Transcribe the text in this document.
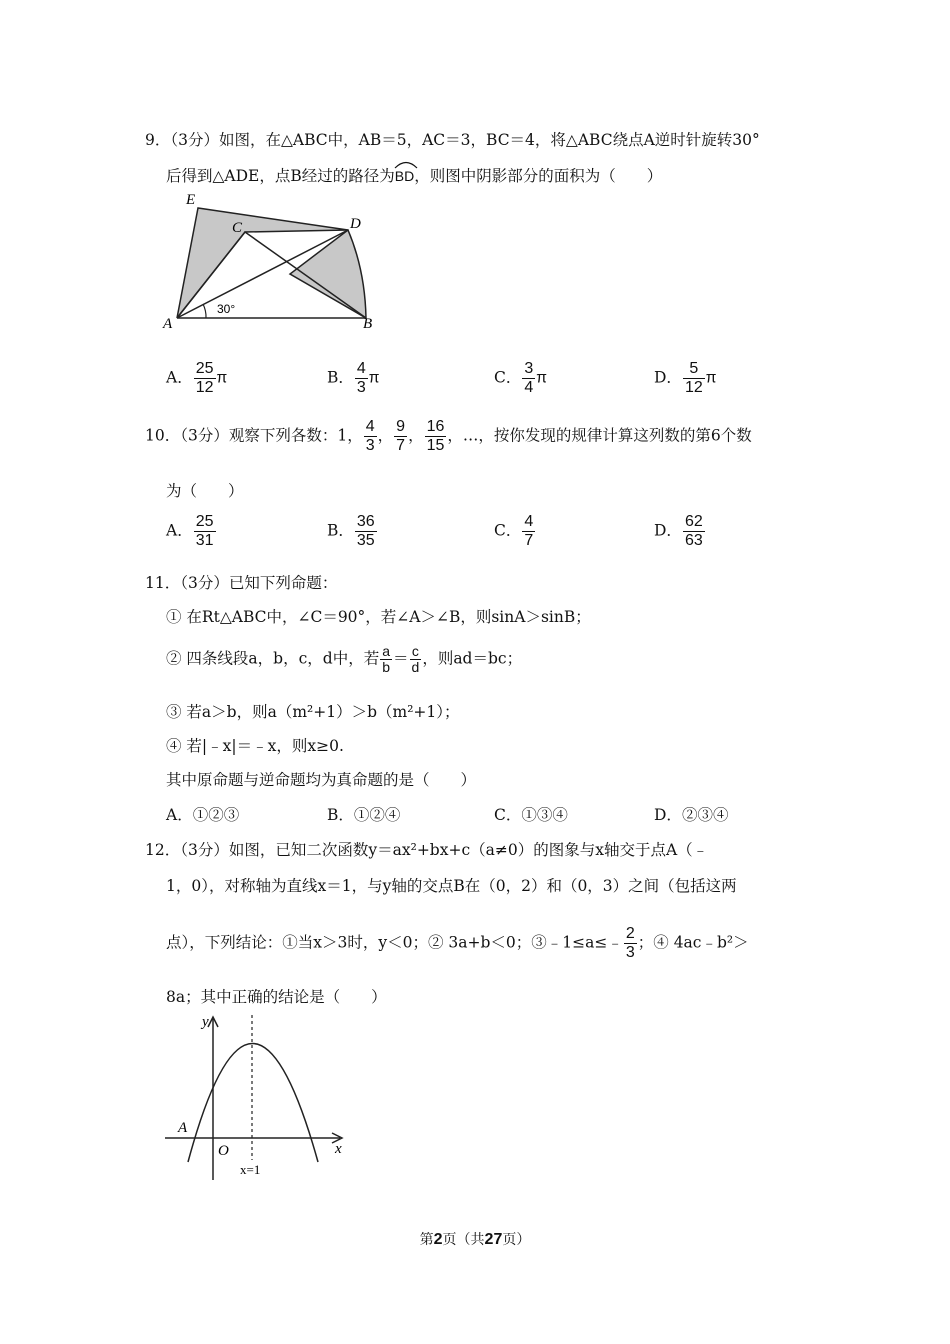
9．（3分）如图，在△ABC中，AB＝5，AC＝3，BC＝4，将△ABC绕点A逆时针旋转30°
后得到△ADE，点B经过的路径为
BD，则图中阴影部分的面积为（　　）
E
C	D
A	B
30°
A． $\frac{25}{12}$ π	B． $\frac{4}{3}$ π	C． $\frac{3}{4}$ π	D． $\frac{5}{12}$ π
10．（3分）观察下列各数：1， $\frac{4}{3}$ ， $\frac{9}{7}$ ， $\frac{16}{15}$ ，…，按你发现的规律计算这列数的第6个数
为（　　）
A． $\frac{25}{31}$	B． $\frac{36}{35}$	C． $\frac{4}{7}$	D． $\frac{62}{63}$
11．（3分）已知下列命题：
① 在Rt△ABC中，∠C＝90°，若∠A＞∠B，则sinA＞sinB；
② 四条线段a，b，c，d中，若 $\frac{a}{b} = \frac{c}{d}$ ，则ad＝bc；
③ 若a＞b，则a（m²+1）＞b（m²+1）；
④ 若|﹣x|＝﹣x，则x≥0.
其中原命题与逆命题均为真命题的是（　　）
A．①②③	B．①②④	C．①③④	D．②③④
12．（3分）如图，已知二次函数y＝ax²+bx+c（a≠0）的图象与x轴交于点A（﹣
1，0），对称轴为直线x＝1，与y轴的交点B在（0，2）和（0，3）之间（包括这两
点），下列结论：①当x＞3时，y＜0；② 3a+b＜0；③﹣1≤a≤﹣ $\frac{2}{3}$ ；④ 4ac﹣b²＞
8a；其中正确的结论是（　　）
y
x
A
O
x=1
第2页（共27页）
